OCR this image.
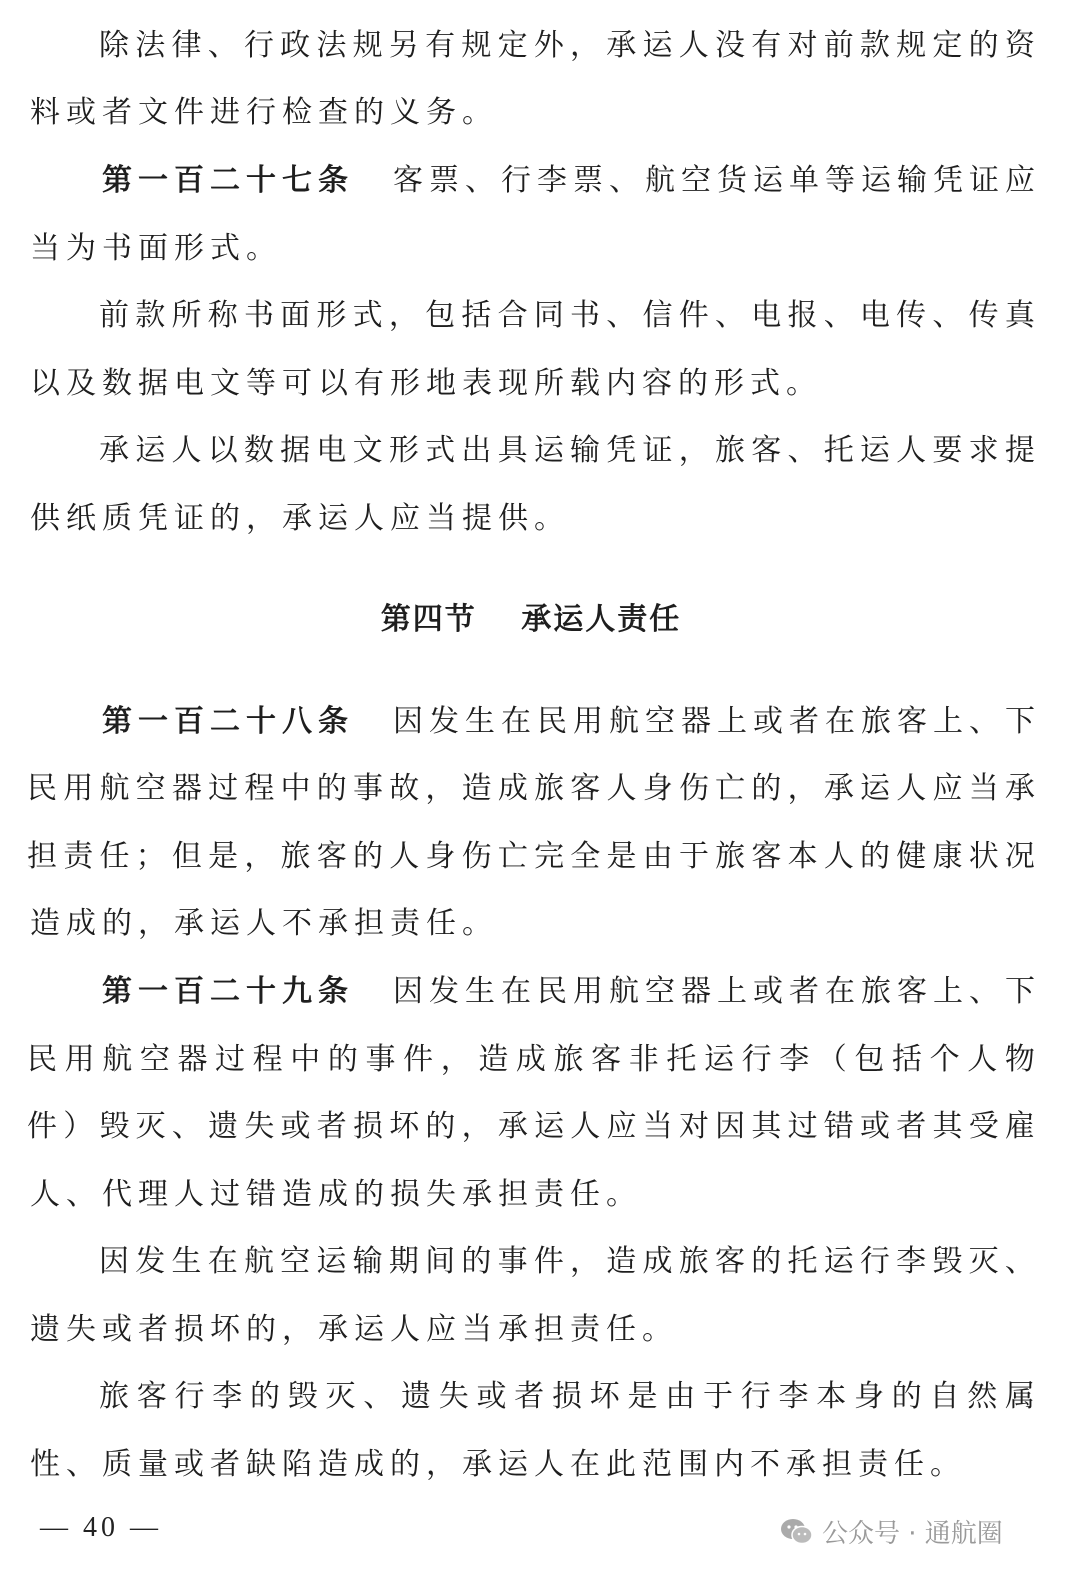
除 法 律 、 行 政 法 规 另 有 规 定 外 ， 承 运 人 没 有 对 前 款 规 定 的 资
料 或 者 文 件 进 行 检 查 的 义 务 。
第 一 百 二 十 七 条
　 客 票 、 行 李 票 、 航 空 货 运 单 等 运 输 凭 证 应
当 为 书 面 形 式 。
前 款 所 称 书 面 形 式 ， 包 括 合 同 书 、 信 件 、 电 报 、 电 传 、 传 真
以 及 数 据 电 文 等 可 以 有 形 地 表 现 所 载 内 容 的 形 式 。
承 运 人 以 数 据 电 文 形 式 出 具 运 输 凭 证 ， 旅 客 、 托 运 人 要 求 提
供 纸 质 凭 证 的 ， 承 运 人 应 当 提 供 。
第四节　 承运人责任
第 一 百 二 十 八 条
　 因 发 生 在 民 用 航 空 器 上 或 者 在 旅 客 上 、 下
民 用 航 空 器 过 程 中 的 事 故 ， 造 成 旅 客 人 身 伤 亡 的 ， 承 运 人 应 当 承
担 责 任 ； 但 是 ， 旅 客 的 人 身 伤 亡 完 全 是 由 于 旅 客 本 人 的 健 康 状 况
造 成 的 ， 承 运 人 不 承 担 责 任 。
第 一 百 二 十 九 条
　 因 发 生 在 民 用 航 空 器 上 或 者 在 旅 客 上 、 下
民 用 航 空 器 过 程 中 的 事 件 ， 造 成 旅 客 非 托 运 行 李 （ 包 括 个 人 物
件 ） 毁 灭 、 遗 失 或 者 损 坏 的 ， 承 运 人 应 当 对 因 其 过 错 或 者 其 受 雇
人 、 代 理 人 过 错 造 成 的 损 失 承 担 责 任 。
因 发 生 在 航 空 运 输 期 间 的 事 件 ， 造 成 旅 客 的 托 运 行 李 毁 灭 、
遗 失 或 者 损 坏 的 ， 承 运 人 应 当 承 担 责 任 。
旅 客 行 李 的 毁 灭 、 遗 失 或 者 损 坏 是 由 于 行 李 本 身 的 自 然 属
性 、 质 量 或 者 缺 陷 造 成 的 ， 承 运 人 在 此 范 围 内 不 承 担 责 任 。
— 40 —	公众号 · 通航圈
